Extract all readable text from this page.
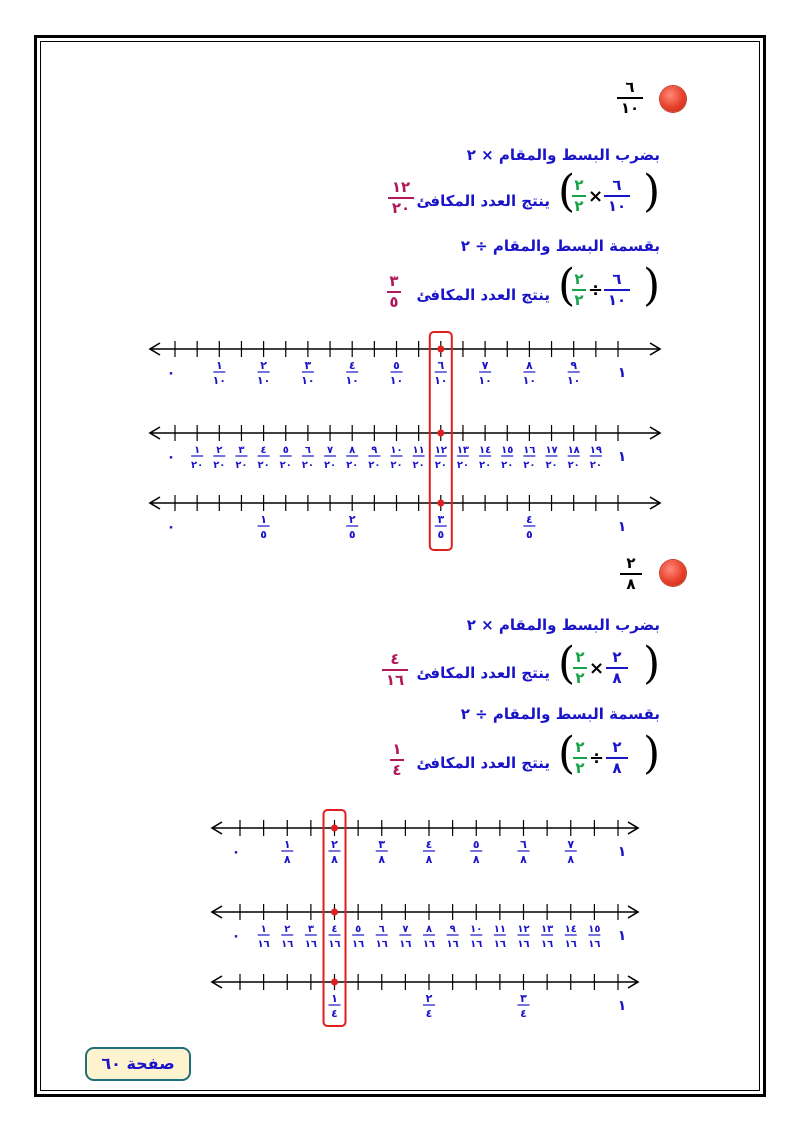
٦
١٠
بضرب البسط والمقام × ٢
)
٦
١٠
×
٢
٢
(
ينتج العدد المكافئ
١٢
٢٠
بقسمة البسط والمقام ÷ ٢
)
٦
١٠
÷
٢
٢
(
ينتج العدد المكافئ
٣
٥
٠	١
١
١٠
٢
١٠
٣
١٠
٤
١٠
٥
١٠
٦
١٠
٧
١٠
٨
١٠
٩
١٠
٠	١
١
٢٠
٢
٢٠
٣
٢٠
٤
٢٠
٥
٢٠
٦
٢٠
٧
٢٠
٨
٢٠
٩
٢٠
١٠
٢٠
١١
٢٠
١٢
٢٠
١٣
٢٠
١٤
٢٠
١٥
٢٠
١٦
٢٠
١٧
٢٠
١٨
٢٠
١٩
٢٠
٠	١
١
٥
٢
٥
٣
٥
٤
٥
٢
٨
بضرب البسط والمقام × ٢
)
٢
٨
×
٢
٢
(
ينتج العدد المكافئ
٤
١٦
بقسمة البسط والمقام ÷ ٢
)
٢
٨
÷
٢
٢
(
ينتج العدد المكافئ
١
٤
٠	١
١
٨
٢
٨
٣
٨
٤
٨
٥
٨
٦
٨
٧
٨
٠	١
١
١٦
٢
١٦
٣
١٦
٤
١٦
٥
١٦
٦
١٦
٧
١٦
٨
١٦
٩
١٦
١٠
١٦
١١
١٦
١٢
١٦
١٣
١٦
١٤
١٦
١٥
١٦
١
١
٤
٢
٤
٣
٤
صفحة ٦٠
